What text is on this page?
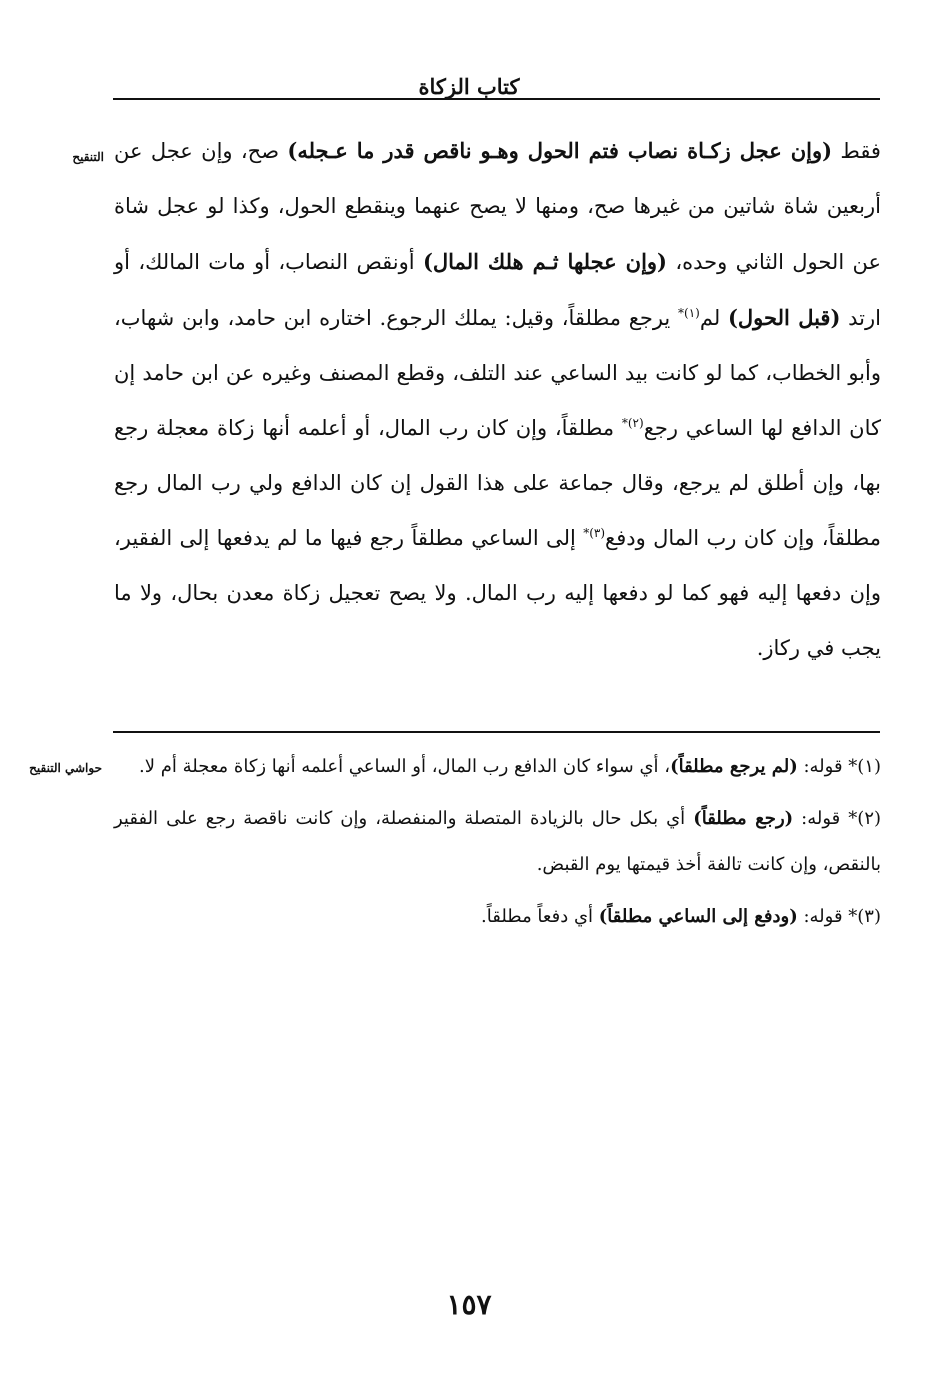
كتاب الزكاة
التنقيح	فقط (وإن عجل زكـاة نصاب فتم الحول وهـو ناقص قدر ما عـجله) صح، وإن عجل عن أربعين شاة شاتين من غيرها صح، ومنها لا يصح عنهما وينقطع الحول، وكذا لو عجل شاة عن الحول الثاني وحده، (وإن عجلها ثـم هلك المال) أونقص النصاب، أو مات المالك، أو ارتد (قبل الحول) لم$^{(١)*}$ يرجع مطلقاً، وقيل: يملك الرجوع. اختاره ابن حامد، وابن شهاب، وأبو الخطاب، كما لو كانت بيد الساعي عند التلف، وقطع المصنف وغيره عن ابن حامد إن كان الدافع لها الساعي رجع$^{(٢)*}$ مطلقاً، وإن كان رب المال، أو أعلمه أنها زكاة معجلة رجع بها، وإن أطلق لم يرجع، وقال جماعة على هذا القول إن كان الدافع ولي رب المال رجع مطلقاً، وإن كان رب المال ودفع$^{(٣)*}$ إلى الساعي مطلقاً رجع فيها ما لم يدفعها إلى الفقير، وإن دفعها إليه فهو كما لو دفعها إليه رب المال. ولا يصح تعجيل زكاة معدن بحال، ولا ما يجب في ركاز.

حواشي التنقيح	(١)* قوله: (لم يرجع مطلقاً)، أي سواء كان الدافع رب المال، أو الساعي أعلمه أنها زكاة معجلة أم لا.

(٢)* قوله: (رجع مطلقاً) أي بكل حال بالزيادة المتصلة والمنفصلة، وإن كانت ناقصة رجع على الفقير بالنقص، وإن كانت تالفة أخذ قيمتها يوم القبض.

(٣)* قوله: (ودفع إلى الساعي مطلقاً) أي دفعاً مطلقاً.

١٥٧
